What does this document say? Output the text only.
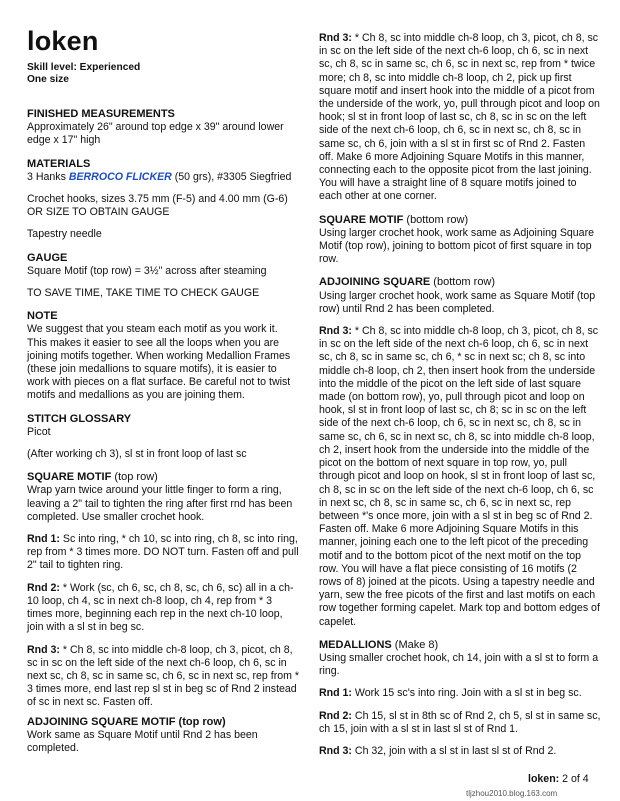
loken
Skill level: Experienced
One size
FINISHED MEASUREMENTS

Approximately 26" around top edge x 39" around lower edge x 17" high

MATERIALS

3 Hanks BERROCO FLICKER (50 grs), #3305 Siegfried

Crochet hooks, sizes 3.75 mm (F-5) and 4.00 mm (G-6) OR SIZE TO OBTAIN GAUGE

Tapestry needle

GAUGE

Square Motif (top row) = 3½" across after steaming

TO SAVE TIME, TAKE TIME TO CHECK GAUGE

NOTE

We suggest that you steam each motif as you work it. This makes it easier to see all the loops when you are joining motifs together. When working Medallion Frames (these join medallions to square motifs), it is easier to work with pieces on a flat surface. Be careful not to twist motifs and medallions as you are joining them.

STITCH GLOSSARY

Picot

(After working ch 3), sl st in front loop of last sc

SQUARE MOTIF (top row)

Wrap yarn twice around your little finger to form a ring, leaving a 2" tail to tighten the ring after first rnd has been completed. Use smaller crochet hook.

Rnd 1: Sc into ring, * ch 10, sc into ring, ch 8, sc into ring, rep from * 3 times more. DO NOT turn. Fasten off and pull 2" tail to tighten ring.

Rnd 2: * Work (sc, ch 6, sc, ch 8, sc, ch 6, sc) all in a ch-10 loop, ch 4, sc in next ch-8 loop, ch 4, rep from * 3 times more, beginning each rep in the next ch-10 loop, join with a sl st in beg sc.

Rnd 3: * Ch 8, sc into middle ch-8 loop, ch 3, picot, ch 8, sc in sc on the left side of the next ch-6 loop, ch 6, sc in next sc, ch 8, sc in same sc, ch 6, sc in next sc, rep from * 3 times more, end last rep sl st in beg sc of Rnd 2 instead of sc in next sc. Fasten off.

ADJOINING SQUARE MOTIF (top row)

Work same as Square Motif until Rnd 2 has been completed.

Rnd 3: * Ch 8, sc into middle ch-8 loop, ch 3, picot, ch 8, sc in sc on the left side of the next ch-6 loop, ch 6, sc in next sc, ch 8, sc in same sc, ch 6, sc in next sc, rep from * twice more; ch 8, sc into middle ch-8 loop, ch 2, pick up first square motif and insert hook into the middle of a picot from the underside of the work, yo, pull through picot and loop on hook; sl st in front loop of last sc, ch 8, sc in sc on the left side of the next ch-6 loop, ch 6, sc in next sc, ch 8, sc in same sc, ch 6, join with a sl st in first sc of Rnd 2. Fasten off. Make 6 more Adjoining Square Motifs in this manner, connecting each to the opposite picot from the last joining. You will have a straight line of 8 square motifs joined to each other at one corner.

SQUARE MOTIF (bottom row)

Using larger crochet hook, work same as Adjoining Square Motif (top row), joining to bottom picot of first square in top row.

ADJOINING SQUARE (bottom row)

Using larger crochet hook, work same as Square Motif (top row) until Rnd 2 has been completed.

Rnd 3: * Ch 8, sc into middle ch-8 loop, ch 3, picot, ch 8, sc in sc on the left side of the next ch-6 loop, ch 6, sc in next sc, ch 8, sc in same sc, ch 6, * sc in next sc; ch 8, sc into middle ch-8 loop, ch 2, then insert hook from the underside into the middle of the picot on the left side of last square made (on bottom row), yo, pull through picot and loop on hook, sl st in front loop of last sc, ch 8; sc in sc on the left side of the next ch-6 loop, ch 6, sc in next sc, ch 8, sc in same sc, ch 6, sc in next sc, ch 8, sc into middle ch-8 loop, ch 2, insert hook from the underside into the middle of the picot on the bottom of next square in top row, yo, pull through picot and loop on hook, sl st in front loop of last sc, ch 8, sc in sc on the left side of the next ch-6 loop, ch 6, sc in next sc, ch 8, sc in same sc, ch 6, sc in next sc, rep between *'s once more, join with a sl st in beg sc of Rnd 2. Fasten off. Make 6 more Adjoining Square Motifs in this manner, joining each one to the left picot of the preceding motif and to the bottom picot of the next motif on the top row. You will have a flat piece consisting of 16 motifs (2 rows of 8) joined at the picots. Using a tapestry needle and yarn, sew the free picots of the first and last motifs on each row together forming capelet. Mark top and bottom edges of capelet.

MEDALLIONS (Make 8)

Using smaller crochet hook, ch 14, join with a sl st to form a ring.

Rnd 1: Work 15 sc's into ring. Join with a sl st in beg sc.

Rnd 2: Ch 15, sl st in 8th sc of Rnd 2, ch 5, sl st in same sc, ch 15, join with a sl st in last sl st of Rnd 1.

Rnd 3: Ch 32, join with a sl st in last sl st of Rnd 2.

loken: 2 of 4
tljzhou2010.blog.163.com
